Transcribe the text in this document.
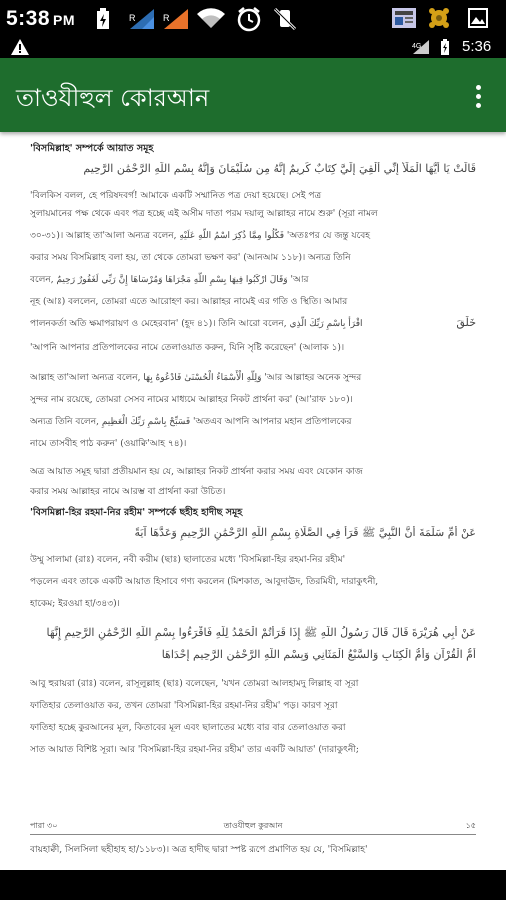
5:38 PM	R	R
4G	5:36
তাওযীহুল কোরআন
'বিসমিল্লাহ' সম্পর্কে আয়াত সমূহ
قَالَتْ يَا أَيُّهَا الْمَلَأُ إِنِّي أُلْقِيَ إِلَيَّ كِتَابٌ كَرِيمٌ إِنَّهُ مِن سُلَيْمَانَ وَإِنَّهُ بِسْمِ اللَّهِ الرَّحْمَٰنِ الرَّحِيمِ
'বিলকিস বলল, হে পরিষদবর্গ! আমাকে একটি সম্মানিত পত্র দেয়া হয়েছে। সেই পত্র
সুলায়মানের পক্ষ থেকে এবং পত্র হচ্ছে এই অসীম দাতা পরম দয়ালু আল্লাহর নামে শুরু' (সূরা নামল
৩০-৩১)। আল্লাহ তা'আলা অন্যত্র বলেন, فَكُلُوا مِمَّا ذُكِرَ اسْمُ اللَّهِ عَلَيْهِ 'অতঃপর যে জন্তু যবেহ
করার সময় বিসমিল্লাহ বলা হয়, তা থেকে তোমরা ভক্ষণ কর' (আনআম ১১৮)। অন্যত্র তিনি
বলেন, وَقَالَ ارْكَبُوا فِيهَا بِسْمِ اللَّهِ مَجْرَاهَا وَمُرْسَاهَا إِنَّ رَبِّي لَغَفُورٌ رَحِيمٌ 'আর
নূহ (আঃ) বললেন, তোমরা এতে আরোহণ কর। আল্লাহর নামেই এর গতি ও স্থিতি। আমার
পালনকর্তা অতি ক্ষমাপরায়ণ ও মেহেরবান' (হূদ ৪১)। তিনি আরো বলেন, اقْرَأْ بِاسْمِ رَبِّكَ الَّذِي
'আপনি আপনার প্রতিপালকের নামে তেলাওয়াত করুন, যিনি সৃষ্টি করেছেন' (আলাক ১)।
خَلَقَ
আল্লাহ তা'আলা অন্যত্র বলেন, وَلِلَّهِ الْأَسْمَاءُ الْحُسْنَىٰ فَادْعُوهُ بِهَا 'আর আল্লাহর অনেক সুন্দর
সুন্দর নাম রয়েছে, তোমরা সেসব নামের মাধ্যমে আল্লাহর নিকট প্রার্থনা কর' (আ'রাফ ১৮০)।
অন্যত্র তিনি বলেন, فَسَبِّحْ بِاسْمِ رَبِّكَ الْعَظِيمِ 'অতএব আপনি আপনার মহান প্রতিপালকের
নামে তাসবীহ পাঠ করুন' (ওয়াক্বি'আহ ৭৪)।
অত্র আয়াত সমূহ দ্বারা প্রতীয়মান হয় যে, আল্লাহর নিকট প্রার্থনা করার সময় এবং যেকোন কাজ
করার সময় আল্লাহর নামে আরম্ভ বা প্রার্থনা করা উচিত।
'বিসমিল্লা-হির রহমা-নির রহীম' সম্পর্কে ছহীহ হাদীছ সমূহ
عَنْ أُمِّ سَلَمَةَ أَنَّ النَّبِيَّ ﷺ قَرَأَ فِي الصَّلَاةِ بِسْمِ اللَّهِ الرَّحْمَٰنِ الرَّحِيمِ وَعَدَّهَا آيَةً
উম্মু সালামা (রাঃ) বলেন, নবী করীম (ছাঃ) ছালাতের মধ্যে 'বিসমিল্লা-হির রহমা-নির রহীম'
পড়লেন এবং তাকে একটি আয়াত হিসাবে গণ্য করলেন (মিশকাত, আবুদাঊদ, তিরমিযী, দারাকুৎনী,
হাকেম; ইরওয়া হা/৩৪৩)।
عَنْ أَبِي هُرَيْرَةَ قَالَ قَالَ رَسُولُ اللَّهِ ﷺ إِذَا قَرَأْتُمْ الْحَمْدُ لِلَّهِ فَاقْرَءُوا بِسْمِ اللَّهِ الرَّحْمَٰنِ الرَّحِيمِ إِنَّهَا
أُمُّ الْقُرْآنِ وَأُمُّ الْكِتَابِ وَالسَّبْعُ الْمَثَانِي وَبِسْمِ اللَّهِ الرَّحْمَٰنِ الرَّحِيمِ إِحْدَاهَا
আবু হুরায়রা (রাঃ) বলেন, রাসূলুল্লাহ (ছাঃ) বলেছেন, 'যখন তোমরা আলহামদু লিল্লাহ বা সূরা
ফাতিহার তেলাওয়াত কর, তখন তোমরা 'বিসমিল্লা-হির রহমা-নির রহীম' পড়। কারণ সূরা
ফাতিহা হচ্ছে কুরআনের মূল, কিতাবের মূল এবং ছালাতের মধ্যে বার বার তেলাওয়াত করা
সাত আয়াত বিশিষ্ট সূরা। আর 'বিসমিল্লা-হির রহমা-নির রহীম' তার একটি আয়াত' (দারাকুৎনী;
পারা ৩০	তাওযীহুল কুরআন	১৫
বায়হাক্বী, সিলসিলা ছহীহাহ হা/১১৮৩)। অত্র হাদীছ দ্বারা স্পষ্ট রূপে প্রমাণিত হয় যে, 'বিসমিল্লাহ'
